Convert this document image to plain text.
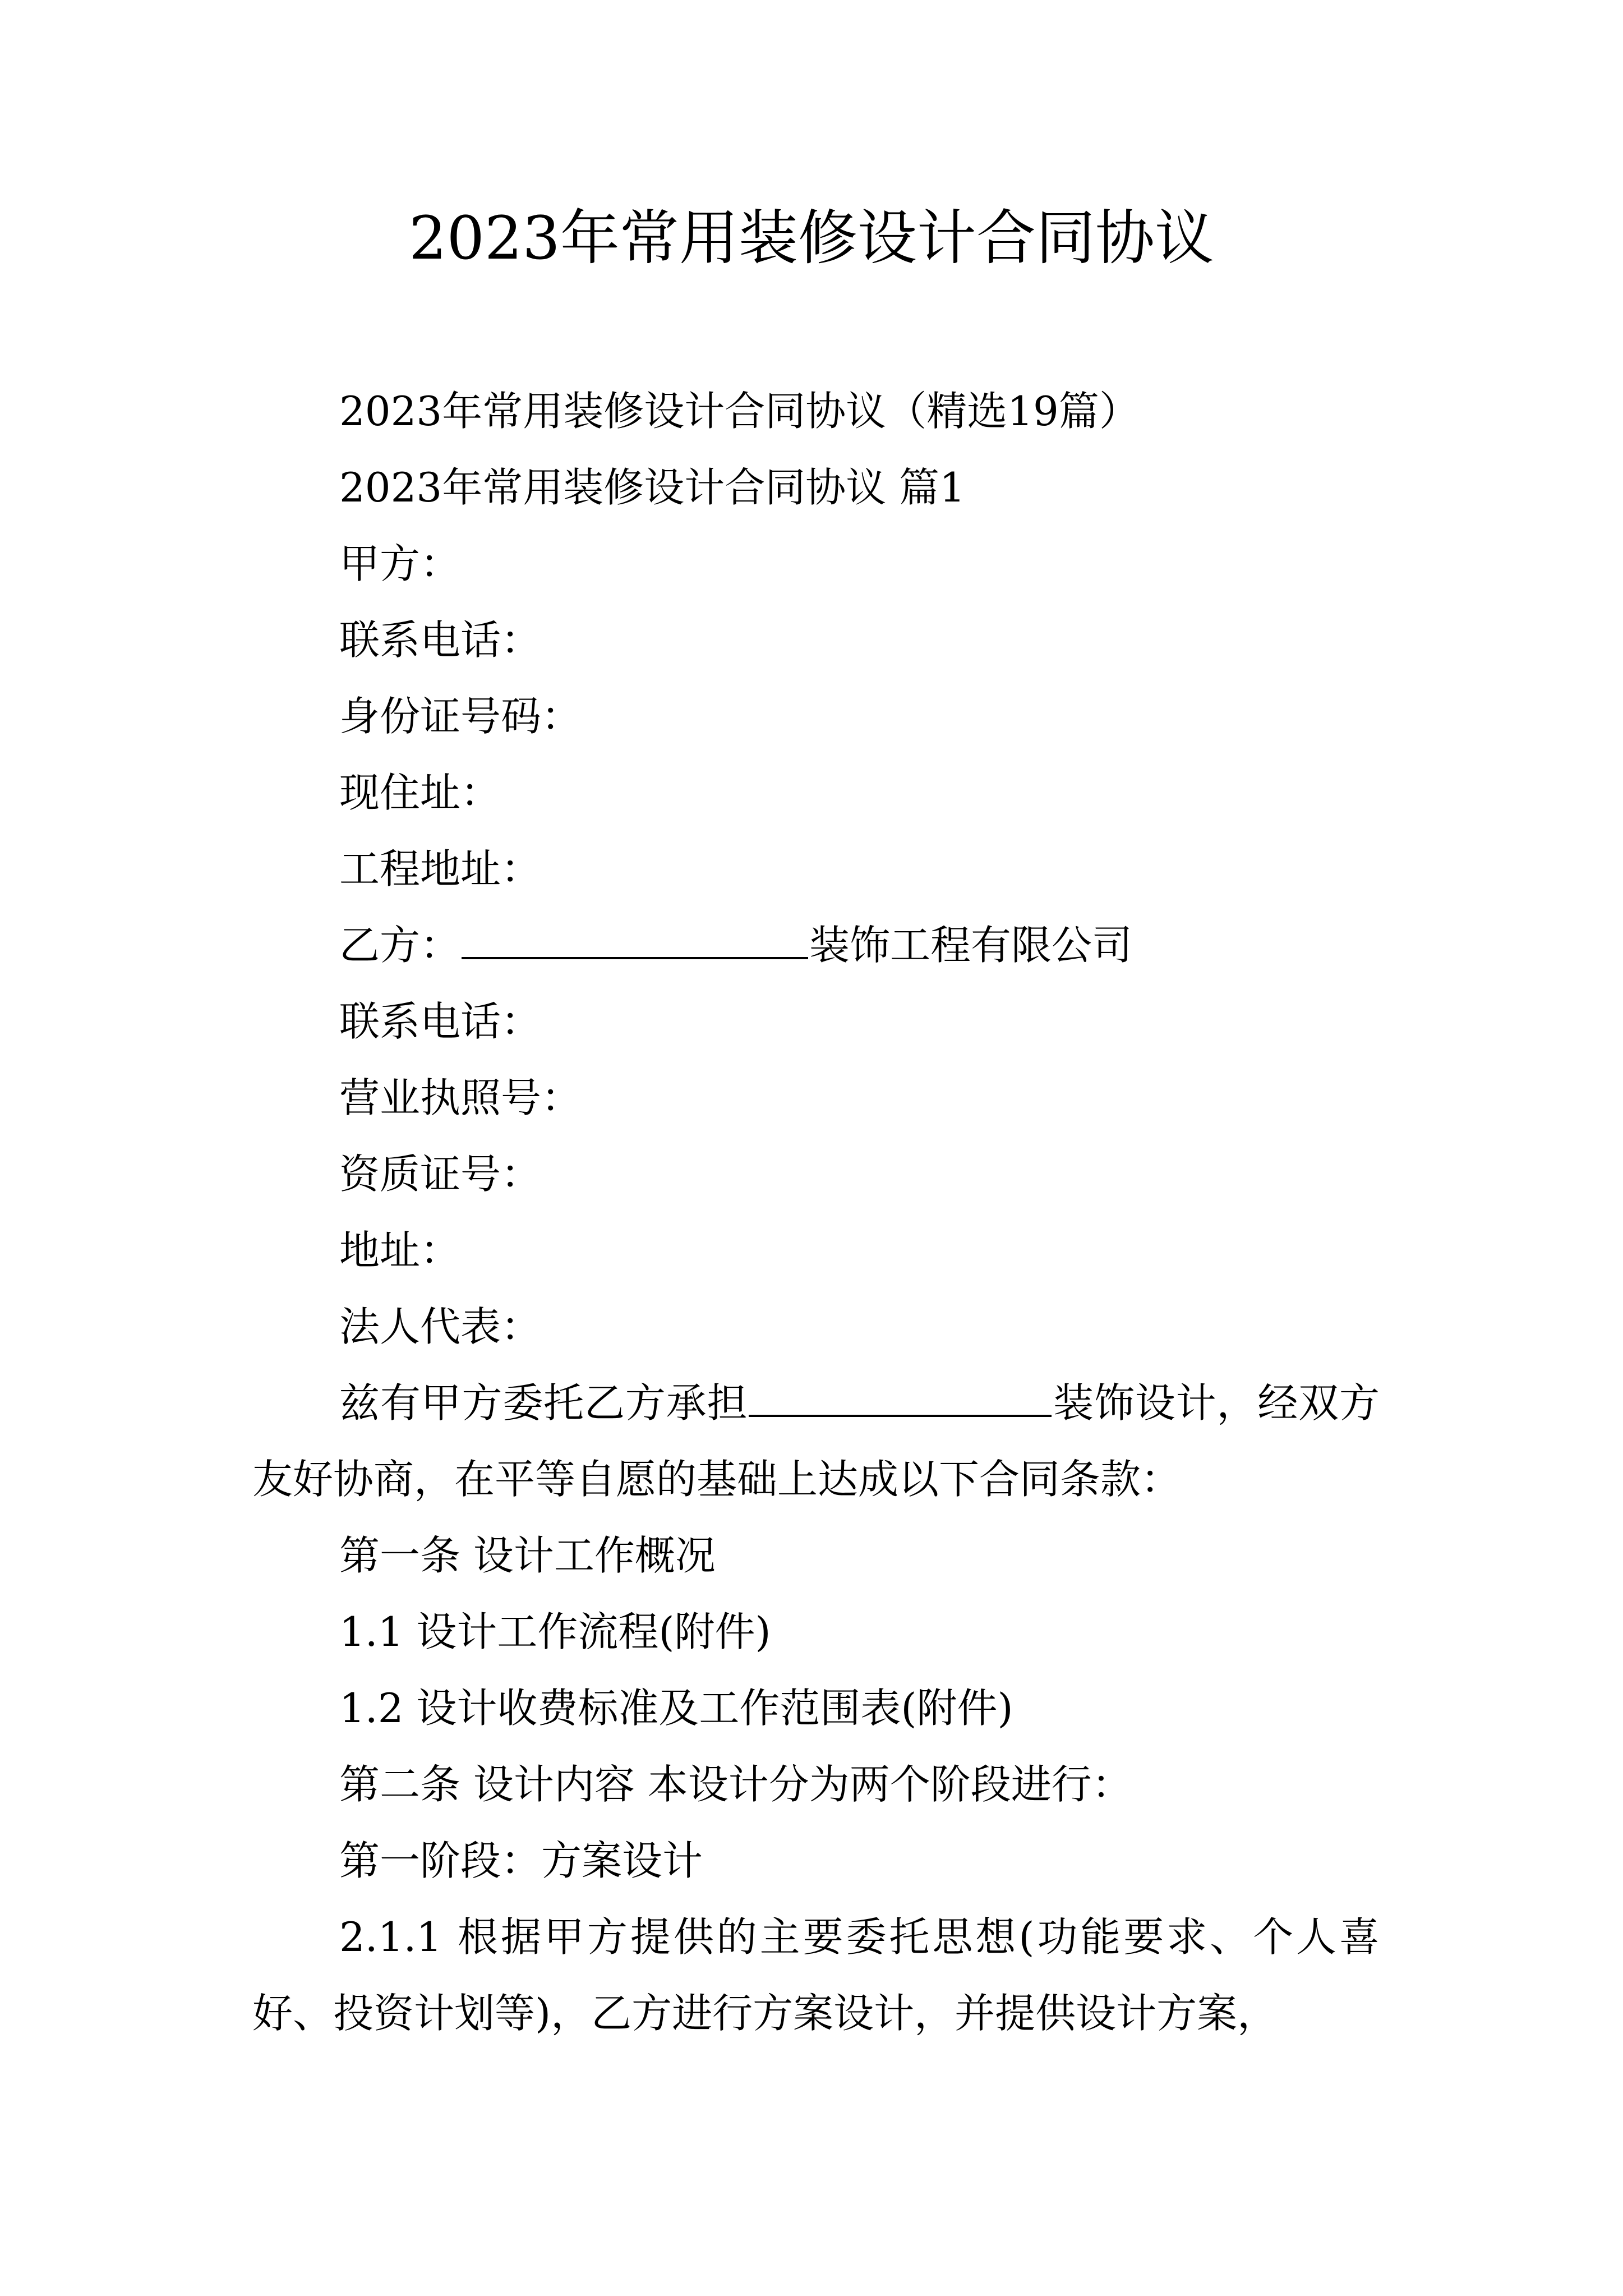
2023年常用装修设计合同协议

2023年常用装修设计合同协议（精选19篇）

2023年常用装修设计合同协议 篇1

甲方：

联系电话：

身份证号码：

现住址：

工程地址：

乙方：	装饰工程有限公司

联系电话：

营业执照号：

资质证号：

地址：

法人代表：

兹有甲方委托乙方承担	装饰设计，经双方友好协商，在平等自愿的基础上达成以下合同条款：

第一条 设计工作概况

1.1 设计工作流程(附件)

1.2 设计收费标准及工作范围表(附件)

第二条 设计内容 本设计分为两个阶段进行：

第一阶段：方案设计

2.1.1 根据甲方提供的主要委托思想(功能要求、个人喜好、投资计划等)，乙方进行方案设计，并提供设计方案，
